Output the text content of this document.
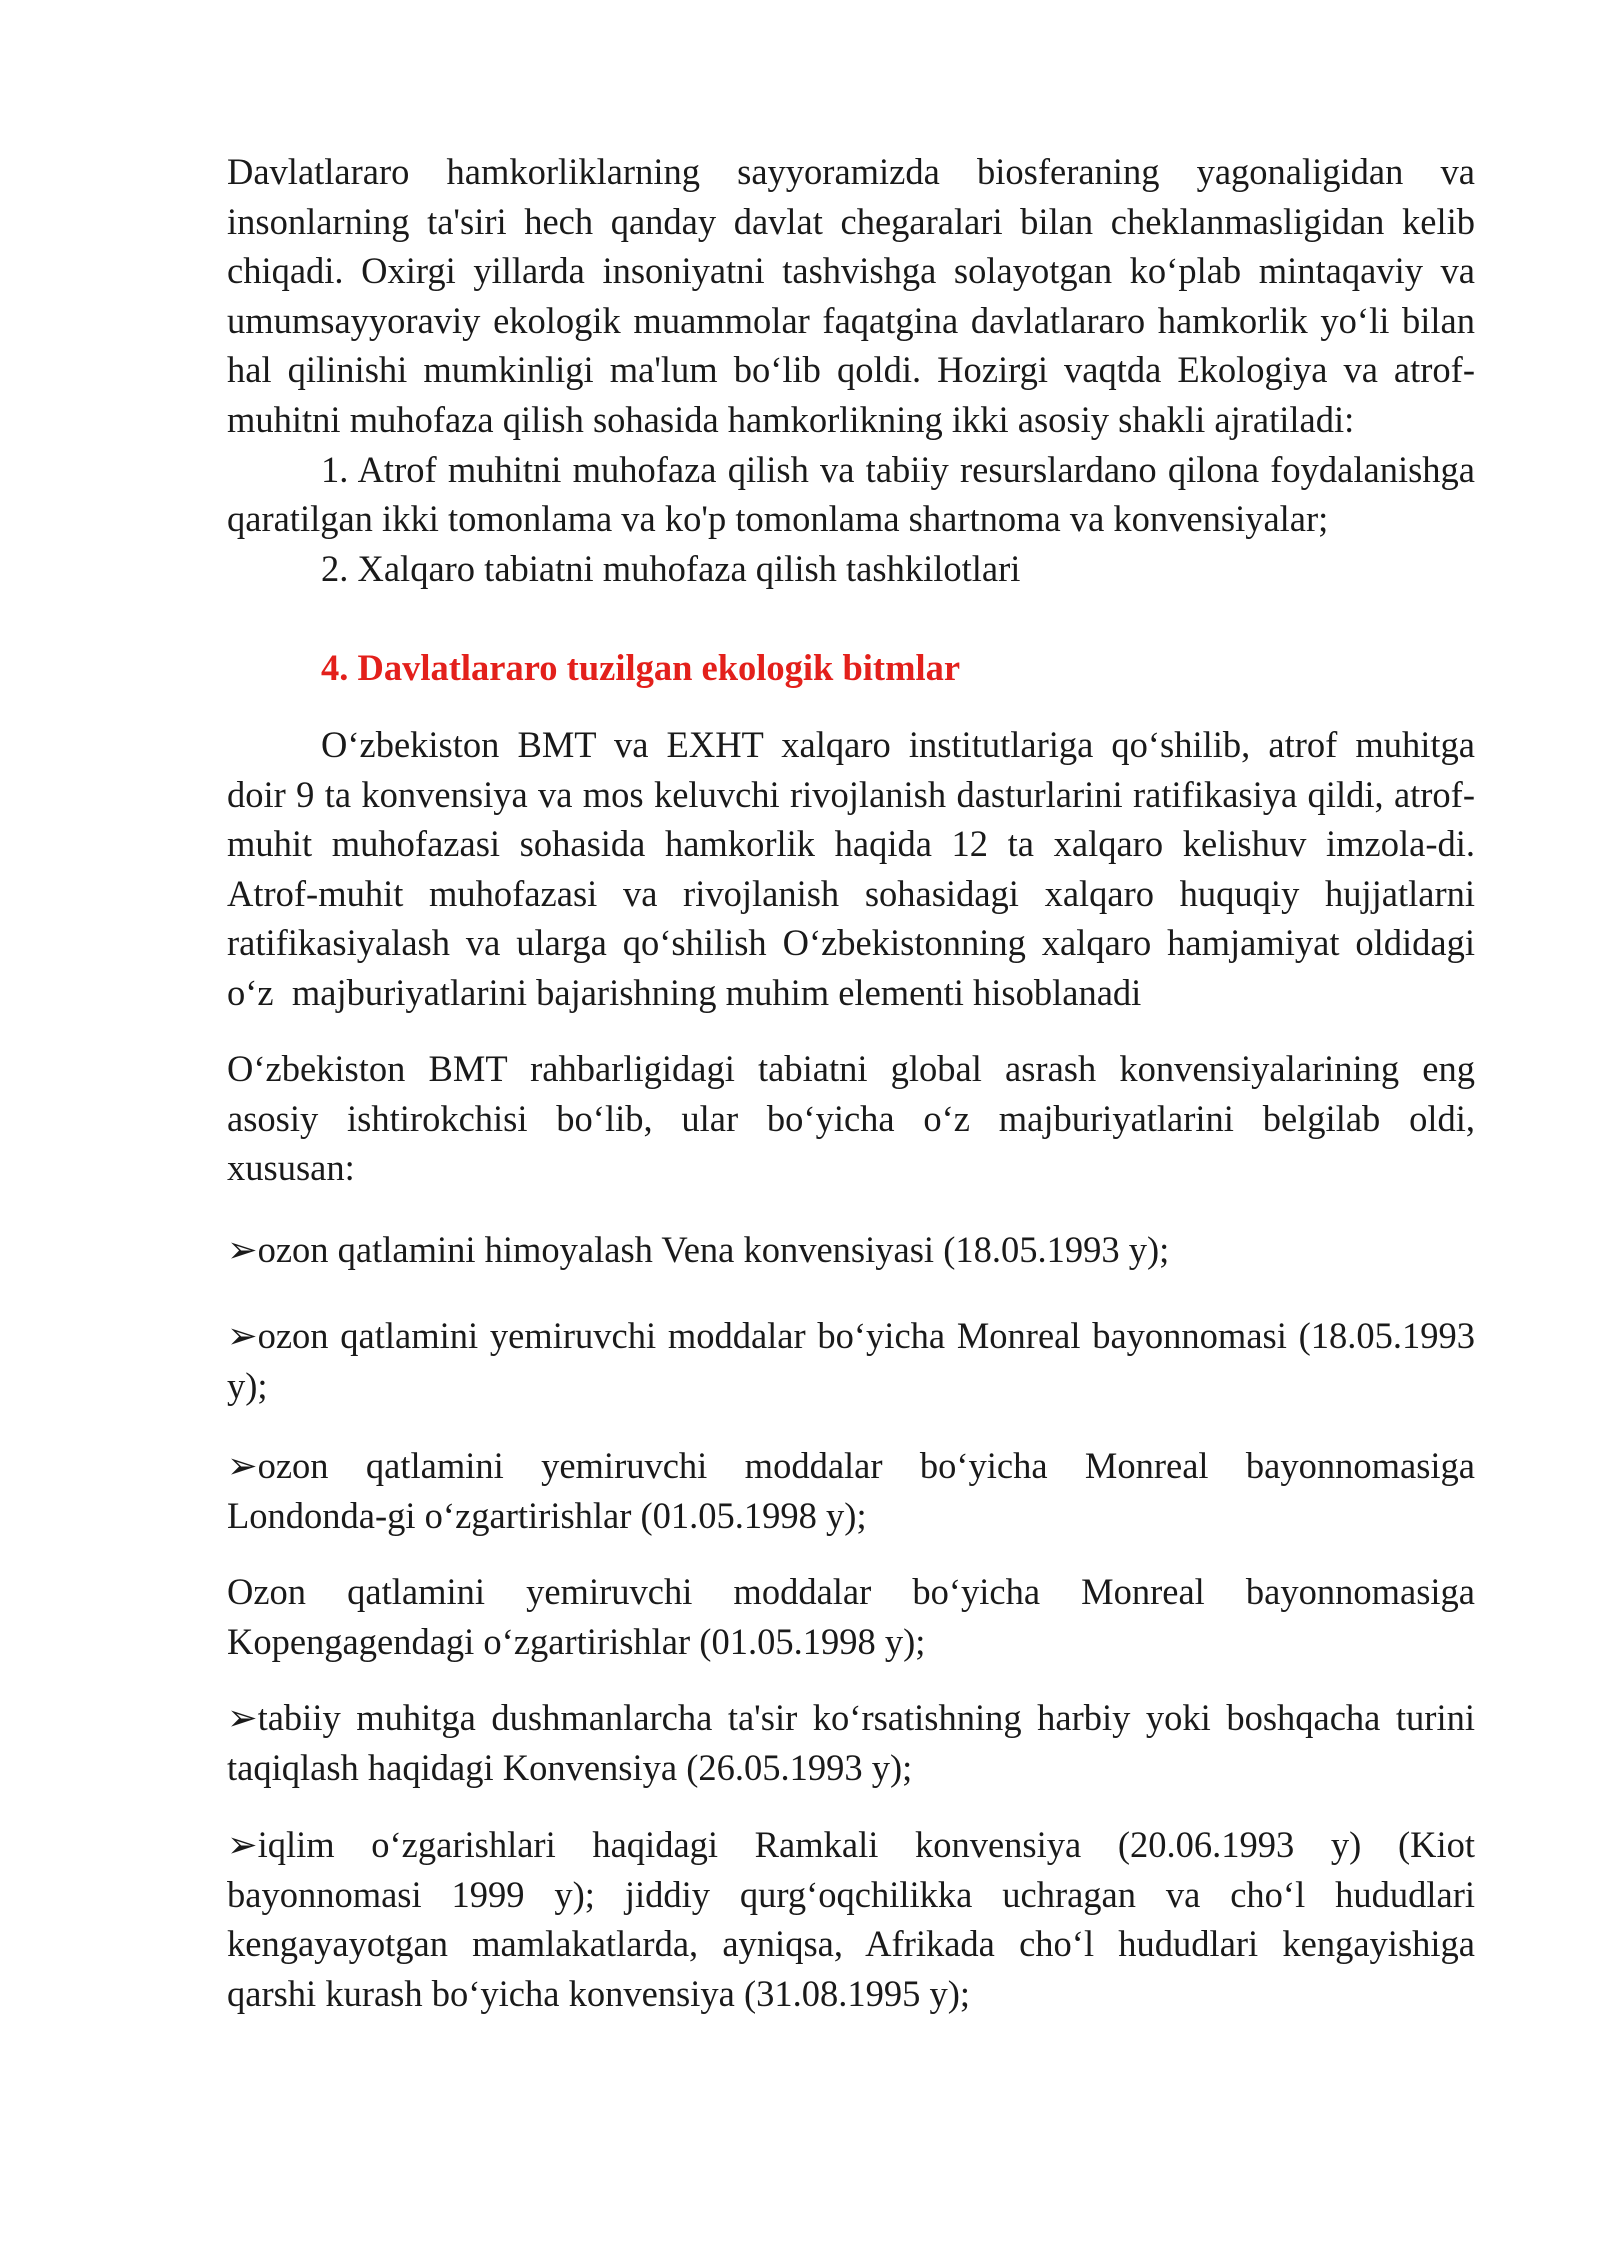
Davlatlararo hamkorliklarning sayyoramizda biosferaning yagonaligidan va
insonlarning ta'siri hech qanday davlat chegaralari bilan cheklanmasligidan kelib
chiqadi. Oxirgi yillarda insoniyatni tashvishga solayotgan ko‘plab mintaqaviy va
umumsayyoraviy ekologik muammolar faqatgina davlatlararo hamkorlik yo‘li bilan
hal qilinishi mumkinligi ma'lum bo‘lib qoldi. Hozirgi vaqtda Ekologiya va atrof-
muhitni muhofaza qilish sohasida hamkorlikning ikki asosiy shakli ajratiladi:
1. Atrof muhitni muhofaza qilish va tabiiy resurslardano qilona foydalanishga
qaratilgan ikki tomonlama va ko'p tomonlama shartnoma va konvensiyalar;
2. Xalqaro tabiatni muhofaza qilish tashkilotlari
4. Davlatlararo tuzilgan ekologik bitmlar
O‘zbekiston BMT va EXHT xalqaro institutlariga qo‘shilib, atrof muhitga
doir 9 ta konvensiya va mos keluvchi rivojlanish dasturlarini ratifikasiya qildi, atrof-
muhit muhofazasi sohasida hamkorlik haqida 12 ta xalqaro kelishuv imzola-di.
Atrof-muhit muhofazasi va rivojlanish sohasidagi xalqaro huquqiy hujjatlarni
ratifikasiyalash va ularga qo‘shilish O‘zbekistonning xalqaro hamjamiyat oldidagi
o‘z  majburiyatlarini bajarishning muhim elementi hisoblanadi
O‘zbekiston BMT rahbarligidagi tabiatni global asrash konvensiyalarining eng
asosiy ishtirokchisi bo‘lib, ular bo‘yicha o‘z majburiyatlarini belgilab oldi,
xususan:
➢ozon qatlamini himoyalash Vena konvensiyasi (18.05.1993 y);
➢ozon qatlamini yemiruvchi moddalar bo‘yicha Monreal bayonnomasi (18.05.1993
y);
➢ozon qatlamini yemiruvchi moddalar bo‘yicha Monreal bayonnomasiga
Londonda-gi o‘zgartirishlar (01.05.1998 y);
Ozon qatlamini yemiruvchi moddalar bo‘yicha Monreal bayonnomasiga
Kopengagendagi o‘zgartirishlar (01.05.1998 y);
➢tabiiy muhitga dushmanlarcha ta'sir ko‘rsatishning harbiy yoki boshqacha turini
taqiqlash haqidagi Konvensiya (26.05.1993 y);
➢iqlim o‘zgarishlari haqidagi Ramkali konvensiya (20.06.1993 y) (Kiot
bayonnomasi 1999 y); jiddiy qurg‘oqchilikka uchragan va cho‘l hududlari
kengayayotgan mamlakatlarda, ayniqsa, Afrikada cho‘l hududlari kengayishiga
qarshi kurash bo‘yicha konvensiya (31.08.1995 y);
